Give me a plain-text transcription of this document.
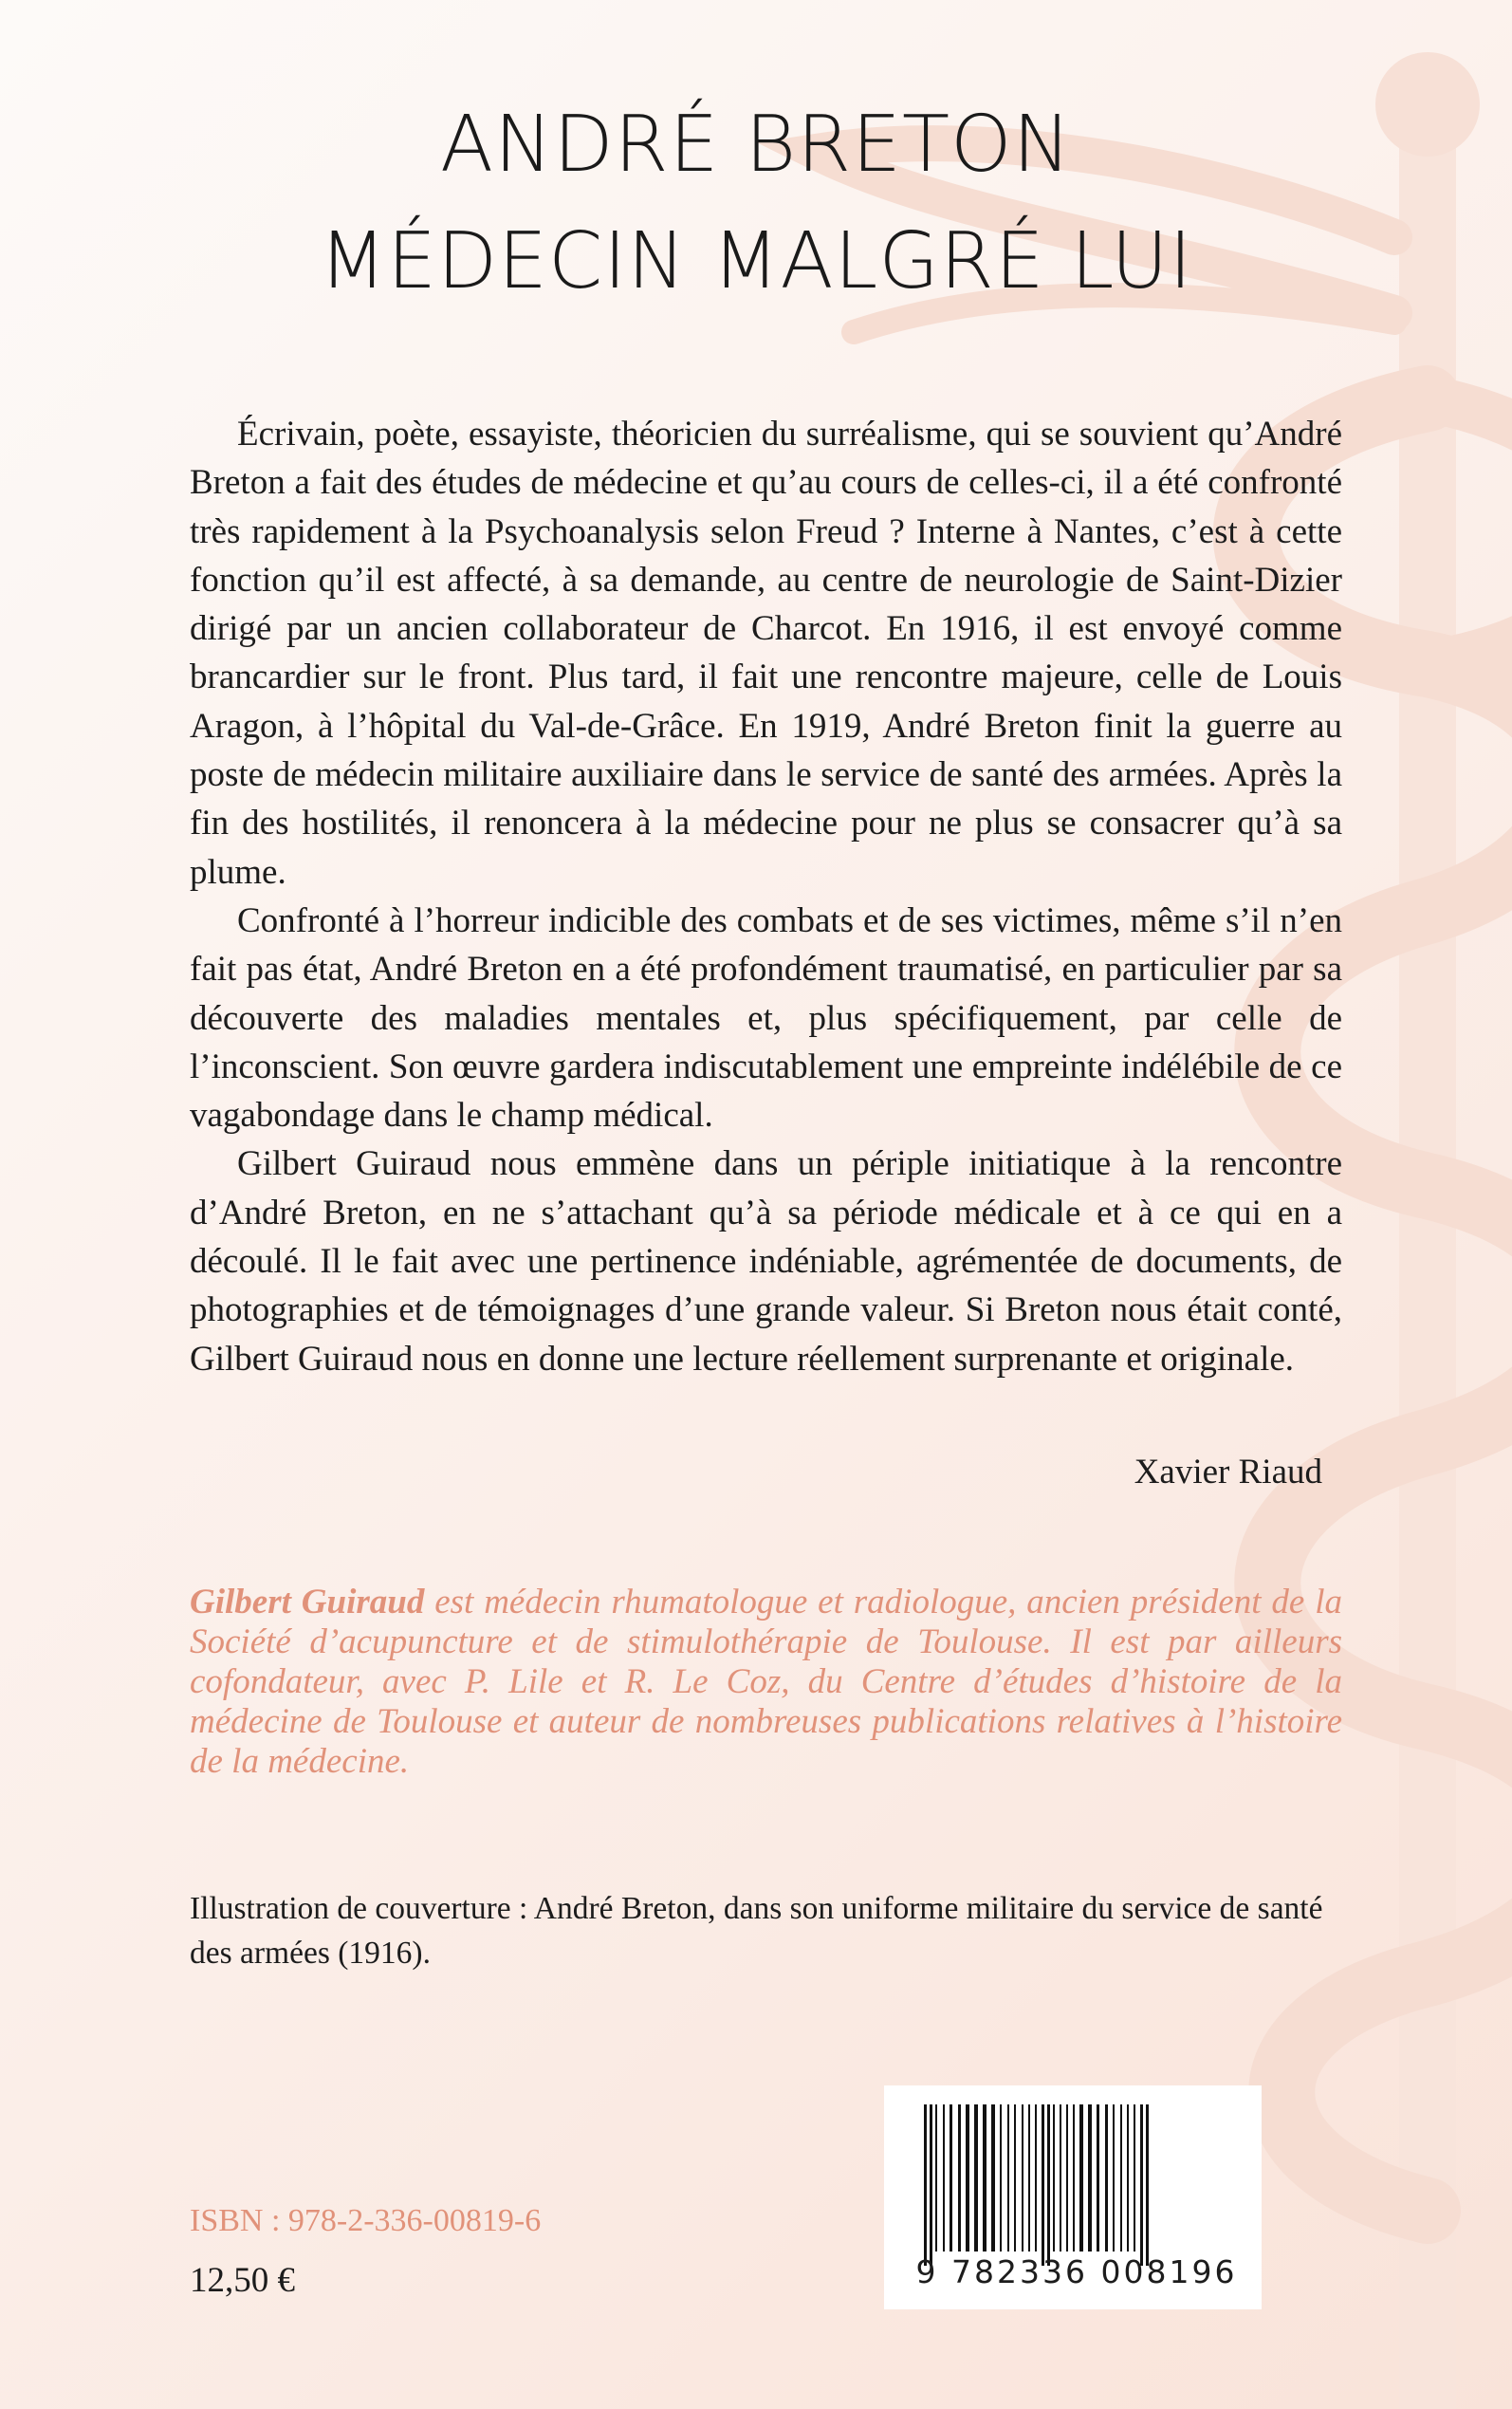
ANDRÉ BRETON
MÉDECIN MALGRÉ LUI

Écrivain, poète, essayiste, théoricien du surréalisme, qui se souvient qu’André Breton a fait des études de médecine et qu’au cours de celles-ci, il a été confronté très rapidement à la Psychoanalysis selon Freud ? Interne à Nantes, c’est à cette fonction qu’il est affecté, à sa demande, au centre de neurologie de Saint-Dizier dirigé par un ancien collaborateur de Charcot. En 1916, il est envoyé comme brancardier sur le front. Plus tard, il fait une rencontre majeure, celle de Louis Aragon, à l’hôpital du Val-de-Grâce. En 1919, André Breton finit la guerre au poste de médecin militaire auxiliaire dans le service de santé des armées. Après la fin des hostilités, il renoncera à la médecine pour ne plus se consacrer qu’à sa plume.

Confronté à l’horreur indicible des combats et de ses victimes, même s’il n’en fait pas état, André Breton en a été profondément traumatisé, en particulier par sa découverte des maladies mentales et, plus spécifiquement, par celle de l’inconscient. Son œuvre gardera indiscutablement une empreinte indélébile de ce vagabondage dans le champ médical.

Gilbert Guiraud nous emmène dans un périple initiatique à la rencontre d’André Breton, en ne s’attachant qu’à sa période médicale et à ce qui en a découlé. Il le fait avec une pertinence indéniable, agrémentée de documents, de photographies et de témoignages d’une grande valeur. Si Breton nous était conté, Gilbert Guiraud nous en donne une lecture réellement surprenante et originale.

Xavier Riaud
Gilbert Guiraud est médecin rhumatologue et radiologue, ancien président de la Société d’acupuncture et de stimulothérapie de Toulouse. Il est par ailleurs cofondateur, avec P. Lile et R. Le Coz, du Centre d’études d’histoire de la médecine de Toulouse et auteur de nombreuses publications relatives à l’histoire de la médecine.
Illustration de couverture : André Breton, dans son uniforme militaire du service de santé des armées (1916).
ISBN : 978-2-336-00819-6
12,50 €	9 782336 008196
